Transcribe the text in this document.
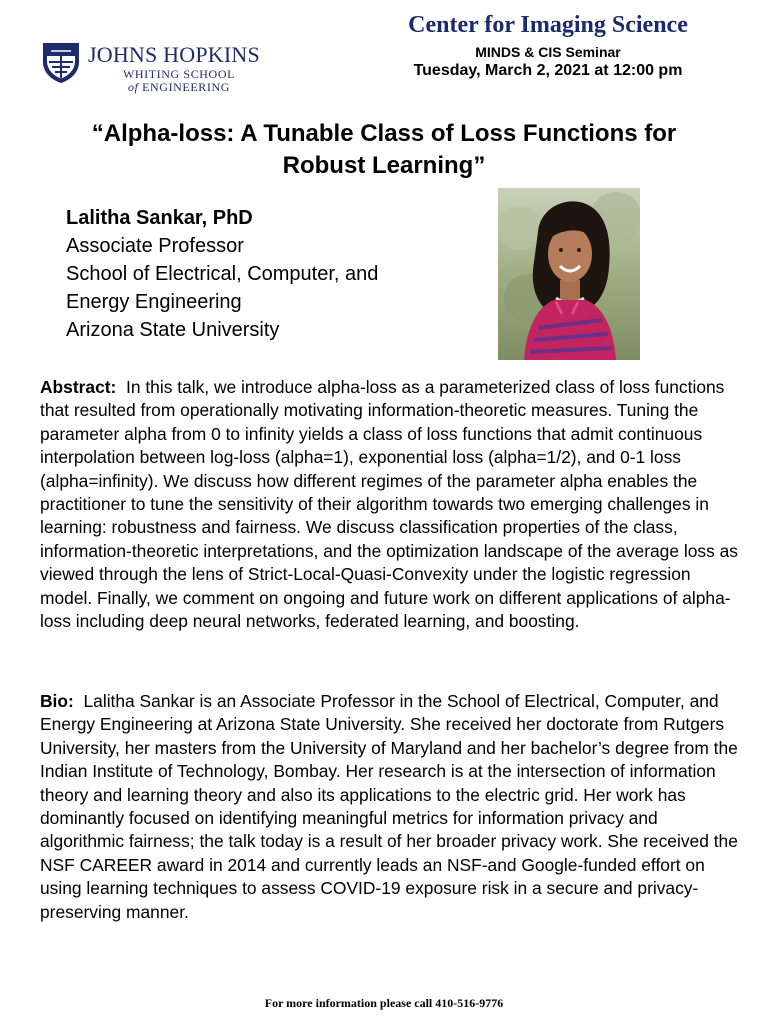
JOHNS HOPKINS
WHITING SCHOOL
of ENGINEERING
Center for Imaging Science
MINDS & CIS Seminar
Tuesday, March 2, 2021 at 12:00 pm
“Alpha-loss: A Tunable Class of Loss Functions for
Robust Learning”
Lalitha Sankar, PhD
Associate Professor
School of Electrical, Computer, and
Energy Engineering
Arizona State University
Abstract: In this talk, we introduce alpha-loss as a parameterized class of loss functions that resulted from operationally motivating information-theoretic measures. Tuning the parameter alpha from 0 to infinity yields a class of loss functions that admit continuous interpolation between log-loss (alpha=1), exponential loss (alpha=1/2), and 0-1 loss (alpha=infinity). We discuss how different regimes of the parameter alpha enables the practitioner to tune the sensitivity of their algorithm towards two emerging challenges in learning: robustness and fairness. We discuss classification properties of the class, information-theoretic interpretations, and the optimization landscape of the average loss as viewed through the lens of Strict-Local-Quasi-Convexity under the logistic regression model. Finally, we comment on ongoing and future work on different applications of alpha-loss including deep neural networks, federated learning, and boosting.
Bio: Lalitha Sankar is an Associate Professor in the School of Electrical, Computer, and Energy Engineering at Arizona State University. She received her doctorate from Rutgers University, her masters from the University of Maryland and her bachelor’s degree from the Indian Institute of Technology, Bombay. Her research is at the intersection of information theory and learning theory and also its applications to the electric grid. Her work has dominantly focused on identifying meaningful metrics for information privacy and algorithmic fairness; the talk today is a result of her broader privacy work. She received the NSF CAREER award in 2014 and currently leads an NSF-and Google-funded effort on using learning techniques to assess COVID-19 exposure risk in a secure and privacy-preserving manner.
For more information please call 410-516-9776
